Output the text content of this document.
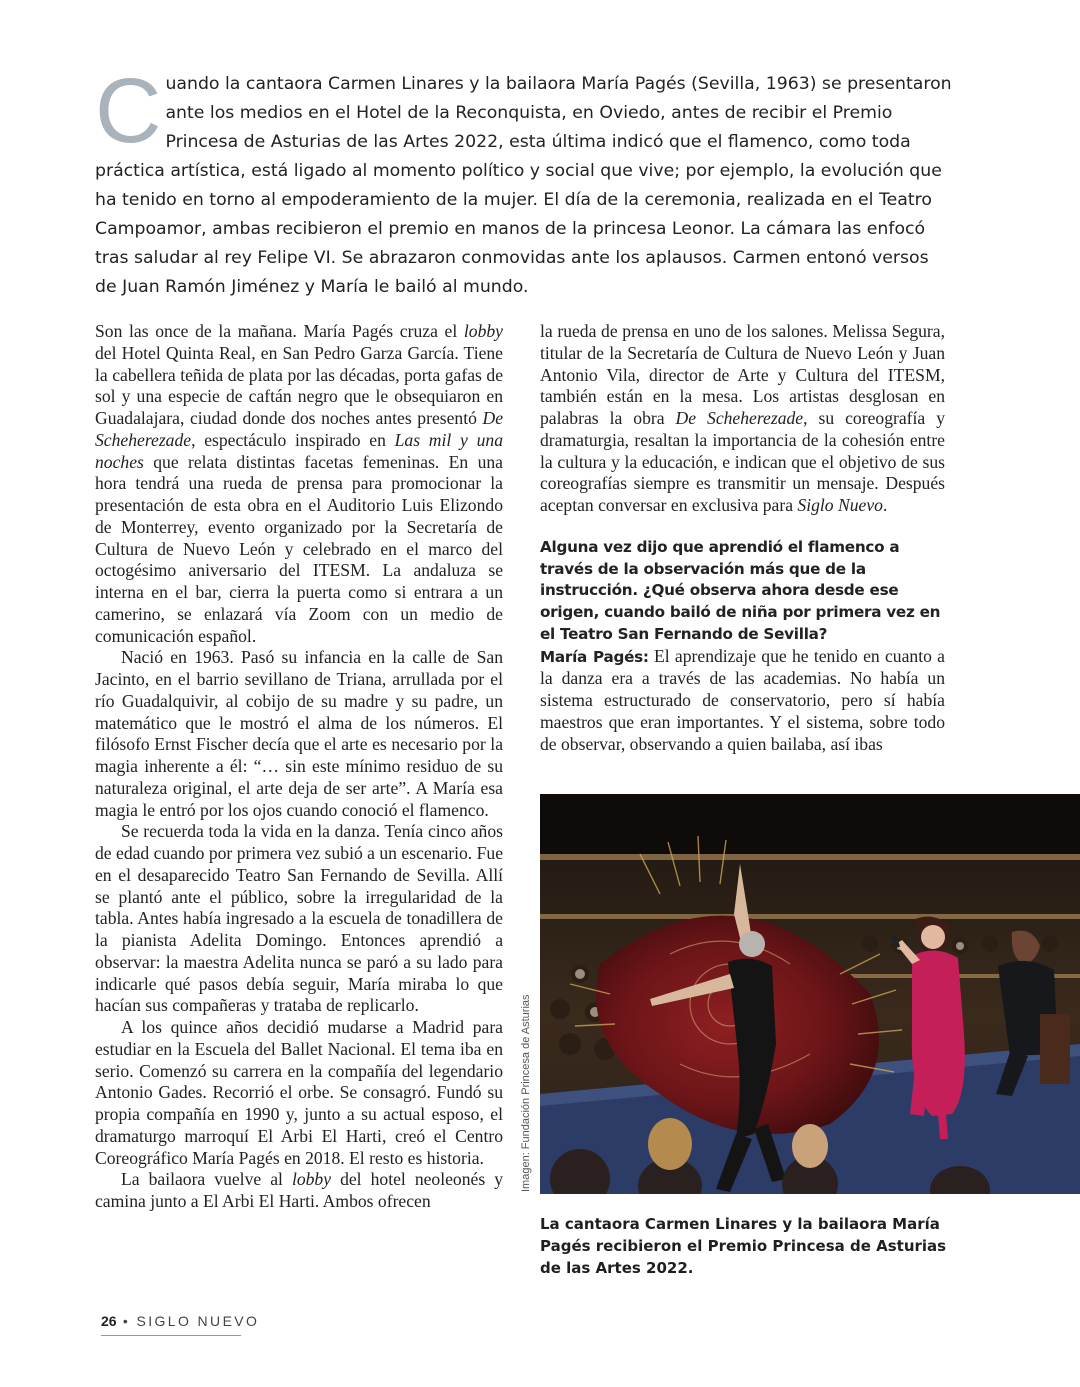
C uando la cantaora Carmen Linares y la bailaora María Pagés (Sevilla, 1963) se presentaron ante los medios en el Hotel de la Reconquista, en Oviedo, antes de recibir el Premio Princesa de Asturias de las Artes 2022, esta última indicó que el flamenco, como toda práctica artística, está ligado al momento político y social que vive; por ejemplo, la evolución que ha tenido en torno al empoderamiento de la mujer. El día de la ceremonia, realizada en el Teatro Campoamor, ambas recibieron el premio en manos de la princesa Leonor. La cámara las enfocó tras saludar al rey Felipe VI. Se abrazaron conmovidas ante los aplausos. Carmen entonó versos de Juan Ramón Jiménez y María le bailó al mundo.

Son las once de la mañana. María Pagés cruza el lobby del Hotel Quinta Real, en San Pedro Garza García. Tiene la cabellera teñida de plata por las décadas, porta gafas de sol y una especie de caftán negro que le obsequiaron en Guadalajara, ciudad donde dos noches antes presentó De Scheherezade, espectáculo inspirado en Las mil y una noches que relata distintas facetas femeninas. En una hora tendrá una rueda de prensa para promocionar la presentación de esta obra en el Auditorio Luis Elizondo de Monterrey, evento organizado por la Secretaría de Cultura de Nuevo León y celebrado en el marco del octogésimo aniversario del ITESM. La andaluza se interna en el bar, cierra la puerta como si entrara a un camerino, se enlazará vía Zoom con un medio de comunicación español.

Nació en 1963. Pasó su infancia en la calle de San Jacinto, en el barrio sevillano de Triana, arrullada por el río Guadalquivir, al cobijo de su madre y su padre, un matemático que le mostró el alma de los números. El filósofo Ernst Fischer decía que el arte es necesario por la magia inherente a él: “… sin este mínimo residuo de su naturaleza original, el arte deja de ser arte”. A María esa magia le entró por los ojos cuando conoció el flamenco.

Se recuerda toda la vida en la danza. Tenía cinco años de edad cuando por primera vez subió a un escenario. Fue en el desaparecido Teatro San Fernando de Sevilla. Allí se plantó ante el público, sobre la irregularidad de la tabla. Antes había ingresado a la escuela de tonadillera de la pianista Adelita Domingo. Entonces aprendió a observar: la maestra Adelita nunca se paró a su lado para indicarle qué pasos debía seguir, María miraba lo que hacían sus compañeras y trataba de replicarlo.

A los quince años decidió mudarse a Madrid para estudiar en la Escuela del Ballet Nacional. El tema iba en serio. Comenzó su carrera en la compañía del legendario Antonio Gades. Recorrió el orbe. Se consagró. Fundó su propia compañía en 1990 y, junto a su actual esposo, el dramaturgo marroquí El Arbi El Harti, creó el Centro Coreográfico María Pagés en 2018. El resto es historia.

La bailaora vuelve al lobby del hotel neoleonés y camina junto a El Arbi El Harti. Ambos ofrecen

la rueda de prensa en uno de los salones. Melissa Segura, titular de la Secretaría de Cultura de Nuevo León y Juan Antonio Vila, director de Arte y Cultura del ITESM, también están en la mesa. Los artistas desglosan en palabras la obra De Scheherezade, su coreografía y dramaturgia, resaltan la importancia de la cohesión entre la cultura y la educación, e indican que el objetivo de sus coreografías siempre es transmitir un mensaje. Después aceptan conversar en exclusiva para Siglo Nuevo.

Alguna vez dijo que aprendió el flamenco a través de la observación más que de la instrucción. ¿Qué observa ahora desde ese origen, cuando bailó de niña por primera vez en el Teatro San Fernando de Sevilla?

María Pagés: El aprendizaje que he tenido en cuanto a la danza era a través de las academias. No había un sistema estructurado de conservatorio, pero sí había maestros que eran importantes. Y el sistema, sobre todo de observar, observando a quien bailaba, así ibas

Imagen: Fundación Princesa de Asturias
La cantaora Carmen Linares y la bailaora María Pagés recibieron el Premio Princesa de Asturias de las Artes 2022.
26 • SIGLO NUEVO
